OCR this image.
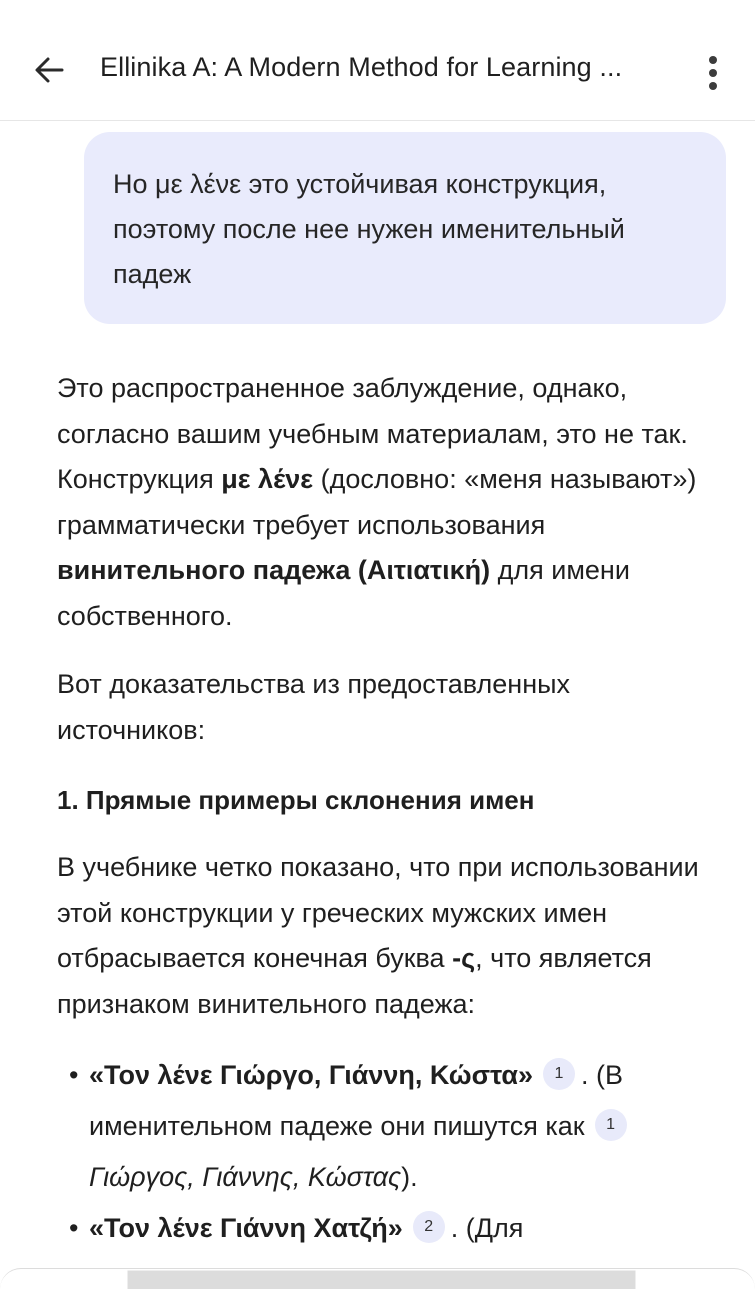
Ellinika A: A Modern Method for Learning ...

Но με λένε это устойчивая конструкция, поэтому после нее нужен именительный падеж

Это распространенное заблуждение, однако, согласно вашим учебным материалам, это не так. Конструкция με λένε (дословно: «меня называют») грамматически требует использования винительного падежа (Αιτιατική) для имени собственного.

Вот доказательства из предоставленных источников:

1. Прямые примеры склонения имен

В учебнике четко показано, что при использовании этой конструкции у греческих мужских имен отбрасывается конечная буква -ς, что является признаком винительного падежа:

• «Τον λένε Γιώργο, Γιάννη, Κώστα» 1 . (В именительном падеже они пишутся как 1
Γιώργος, Γιάννης, Κώστας).
• «Τον λένε Γιάννη Χατζή» 2 . (Для
